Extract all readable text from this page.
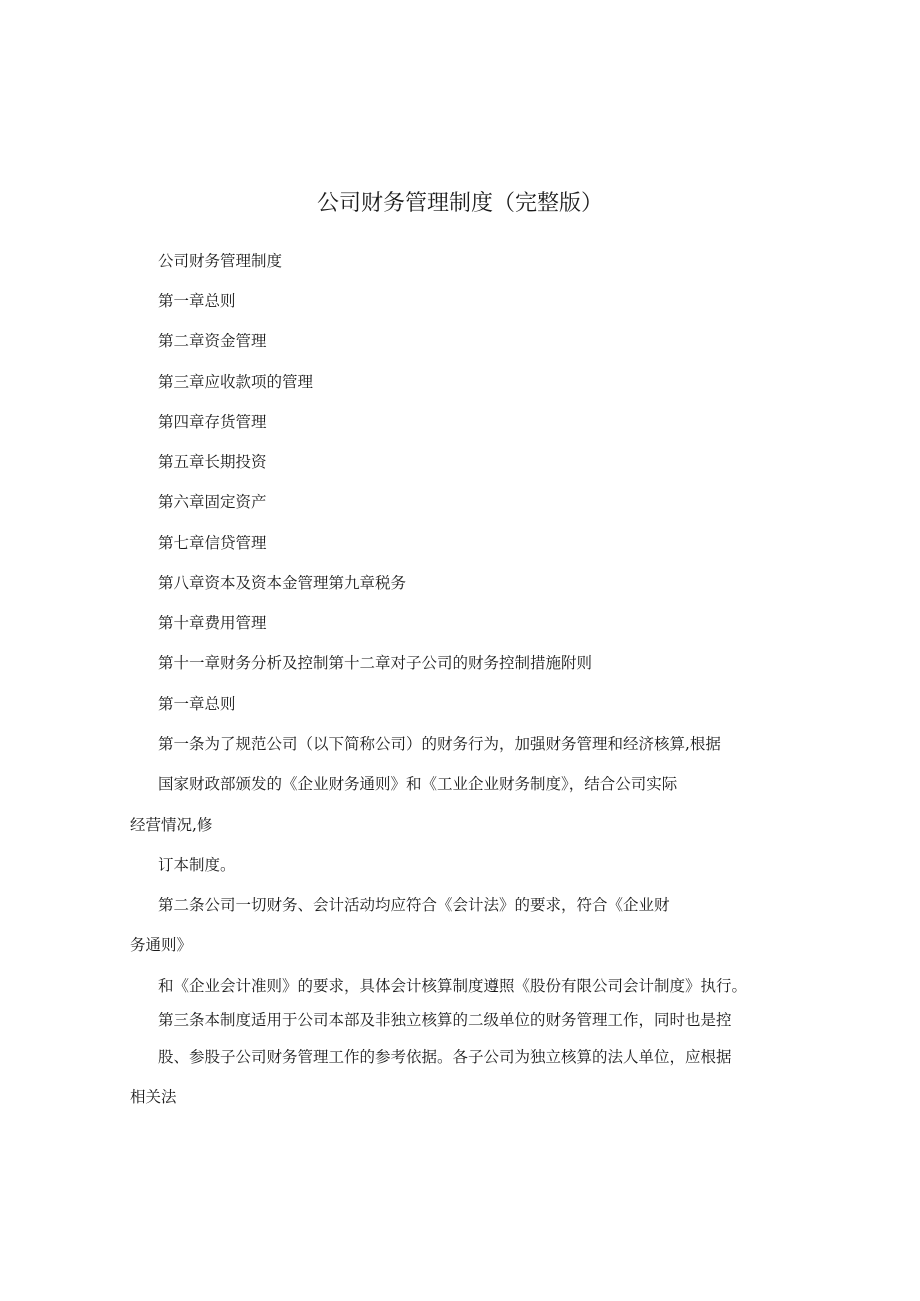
公司财务管理制度（完整版）
公司财务管理制度
第一章总则
第二章资金管理
第三章应收款项的管理
第四章存货管理
第五章长期投资
第六章固定资产
第七章信贷管理
第八章资本及资本金管理第九章税务
第十章费用管理
第十一章财务分析及控制第十二章对子公司的财务控制措施附则
第一章总则
第一条为了规范公司（以下简称公司）的财务行为，加强财务管理和经济核算,根据
国家财政部颁发的《企业财务通则》和《工业企业财务制度》，结合公司实际
经营情况,修
订本制度。
第二条公司一切财务、会计活动均应符合《会计法》的要求，符合《企业财
务通则》
和《企业会计准则》的要求，具体会计核算制度遵照《股份有限公司会计制度》执行。
第三条本制度适用于公司本部及非独立核算的二级单位的财务管理工作，同时也是控
股、参股子公司财务管理工作的参考依据。各子公司为独立核算的法人单位，应根据
相关法
